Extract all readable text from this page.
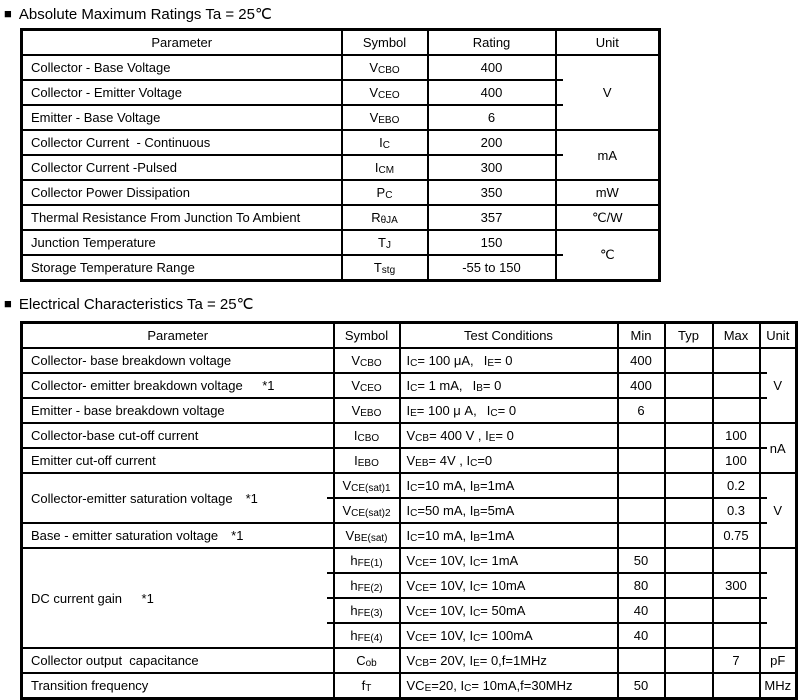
■ Absolute Maximum Ratings Ta = 25℃
Parameter	Symbol	Rating	Unit
Collector - Base Voltage	VCBO	400	V
Collector - Emitter Voltage	VCEO	400	
Emitter - Base Voltage	VEBO	6	
Collector Current  - Continuous	IC	200	mA
Collector Current -Pulsed	ICM	300	
Collector Power Dissipation	PC	350	mW
Thermal Resistance From Junction To Ambient	RθJA	357	℃/W
Junction Temperature	TJ	150	℃
Storage Temperature Range	Tstg	-55 to 150	
■ Electrical Characteristics Ta = 25℃
Parameter	Symbol	Test Conditions	Min	Typ	Max	Unit
Collector- base breakdown voltage	VCBO	IC= 100 μA,  IE= 0	400			V
Collector- emitter breakdown voltage  *1	VCEO	IC= 1 mA,  IB= 0	400			
Emitter - base breakdown voltage	VEBO	IE= 100 μ A,  IC= 0	6			
Collector-base cut-off current	ICBO	VCB= 400 V , IE= 0			100	nA
Emitter cut-off current	IEBO	VEB= 4V , IC=0			100	

Collector-emitter saturation voltage  *1	VCE(sat)1	IC=10 mA, IB=1mA			0.2	V
	VCE(sat)2	IC=50 mA, IB=5mA			0.3	
Base - emitter saturation voltage  *1	VBE(sat)	IC=10 mA, IB=1mA			0.75	

DC current gain   *1	hFE(1)	VCE= 10V, IC= 1mA	50			

	hFE(2)	VCE= 10V, IC= 10mA	80		300	
	hFE(3)	VCE= 10V, IC= 50mA	40			
	hFE(4)	VCE= 10V, IC= 100mA	40			
Collector output  capacitance	Cob	VCB= 20V, IE= 0,f=1MHz			7	pF
Transition frequency	fT	VCE=20, IC= 10mA,f=30MHz	50			MHz
